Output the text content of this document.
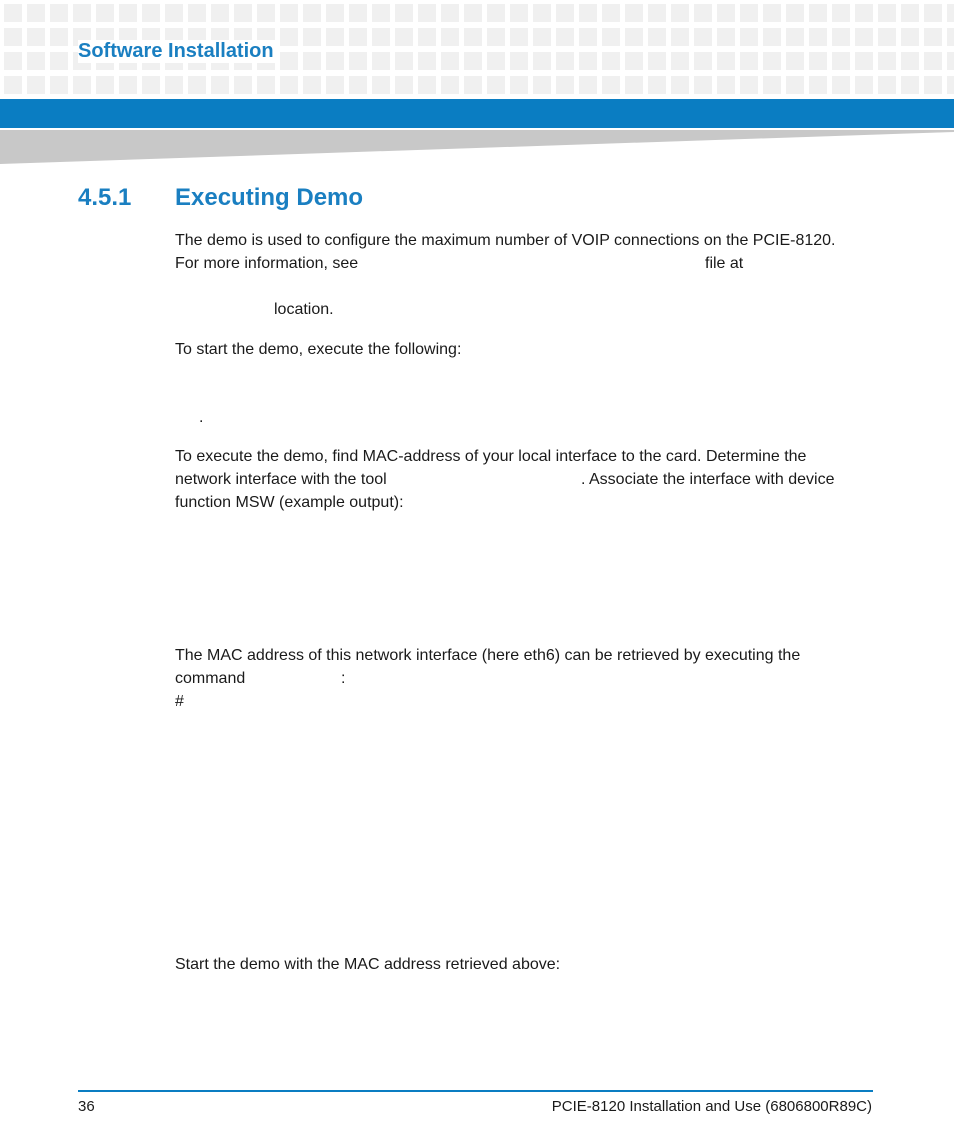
Software Installation
4.5.1 Executing Demo

The demo is used to configure the maximum number of VOIP connections on the PCIE-8120.

For more information, see	file at

location.

To start the demo, execute the following:

.

To execute the demo, find MAC-address of your local interface to the card. Determine the

network interface with the tool	. Associate the interface with device

function MSW (example output):

The MAC address of this network interface (here eth6) can be retrieved by executing the

command	:

#

Start the demo with the MAC address retrieved above:

36	PCIE-8120 Installation and Use (6806800R89C)
